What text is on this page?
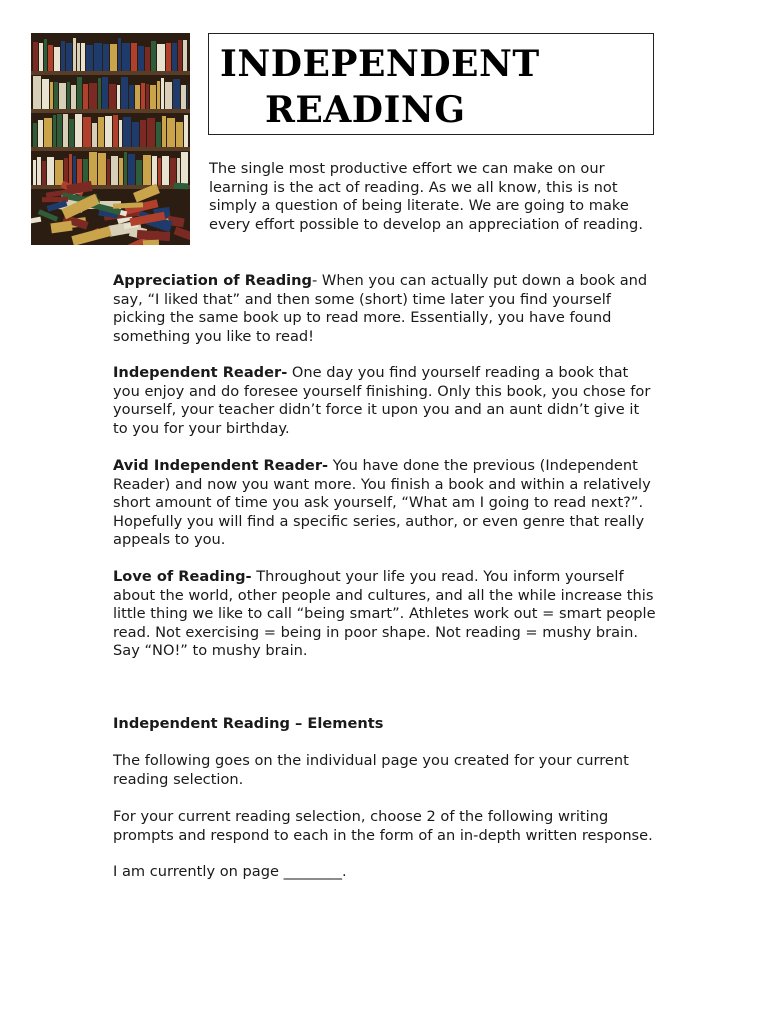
INDEPENDENT
READING

The single most productive effort we can make on our learning is the act of reading. As we all know, this is not simply a question of being literate. We are going to make every effort possible to develop an appreciation of reading.

Appreciation of Reading- When you can actually put down a book and say, “I liked that” and then some (short) time later you find yourself picking the same book up to read more. Essentially, you have found something you like to read!

Independent Reader- One day you find yourself reading a book that you enjoy and do foresee yourself finishing. Only this book, you chose for yourself, your teacher didn’t force it upon you and an aunt didn’t give it to you for your birthday.

Avid Independent Reader- You have done the previous (Independent Reader) and now you want more. You finish a book and within a relatively short amount of time you ask yourself, “What am I going to read next?”. Hopefully you will find a specific series, author, or even genre that really appeals to you.

Love of Reading- Throughout your life you read. You inform yourself about the world, other people and cultures, and all the while increase this little thing we like to call “being smart”. Athletes work out = smart people read. Not exercising = being in poor shape. Not reading = mushy brain. Say “NO!” to mushy brain.

Independent Reading – Elements

The following goes on the individual page you created for your current reading selection.

For your current reading selection, choose 2 of the following writing prompts and respond to each in the form of an in-depth written response.

I am currently on page ________.
